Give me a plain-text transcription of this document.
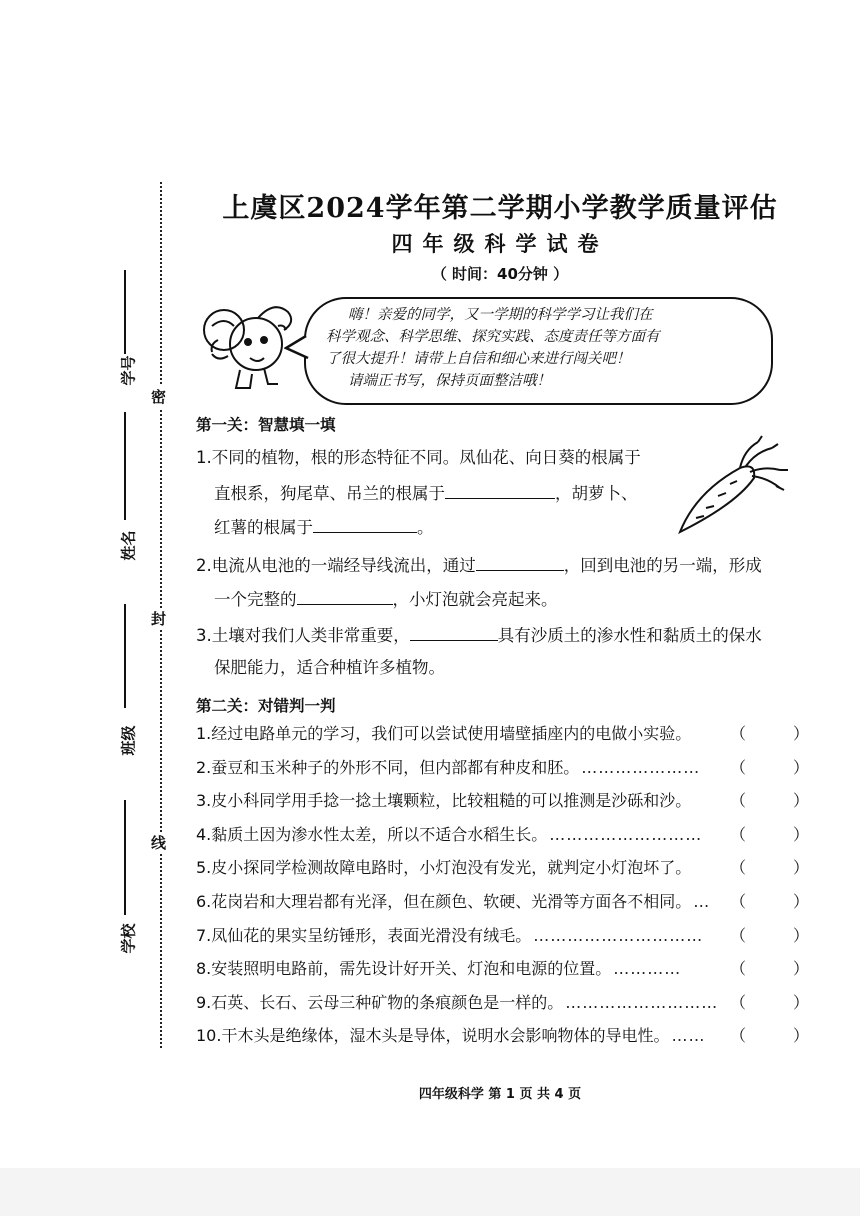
密
封
线
学号
姓名
班级
学校
上虞区2024学年第二学期小学教学质量评估
四年级科学试卷
（ 时间：40分钟 ）
嗨！亲爱的同学，又一学期的科学学习让我们在
科学观念、科学思维、探究实践、态度责任等方面有
了很大提升！请带上自信和细心来进行闯关吧！
请端正书写，保持页面整洁哦！
第一关：智慧填一填
1.不同的植物，根的形态特征不同。凤仙花、向日葵的根属于
直根系，狗尾草、吊兰的根属于	，胡萝卜、
红薯的根属于	。
2.电流从电池的一端经导线流出，通过	，回到电池的另一端，形成
一个完整的	，小灯泡就会亮起来。
3.土壤对我们人类非常重要，	具有沙质土的渗水性和黏质土的保水
保肥能力，适合种植许多植物。
第二关：对错判一判
1.经过电路单元的学习，我们可以尝试使用墙壁插座内的电做小实验。 （	）
2.蚕豆和玉米种子的外形不同，但内部都有种皮和胚。 ………………… （	）
3.皮小科同学用手捻一捻土壤颗粒，比较粗糙的可以推测是沙砾和沙。 （	）
4.黏质土因为渗水性太差，所以不适合水稻生长。 ……………………… （	）
5.皮小探同学检测故障电路时，小灯泡没有发光，就判定小灯泡坏了。 （	）
6.花岗岩和大理岩都有光泽，但在颜色、软硬、光滑等方面各不相同。 … （	）
7.凤仙花的果实呈纺锤形，表面光滑没有绒毛。 ………………………… （	）
8.安装照明电路前，需先设计好开关、灯泡和电源的位置。 …………	（	）
9.石英、长石、云母三种矿物的条痕颜色是一样的。 ……………………… （	）
10.干木头是绝缘体，湿木头是导体，说明水会影响物体的导电性。 …… （	）
四年级科学 第 1 页 共 4 页
